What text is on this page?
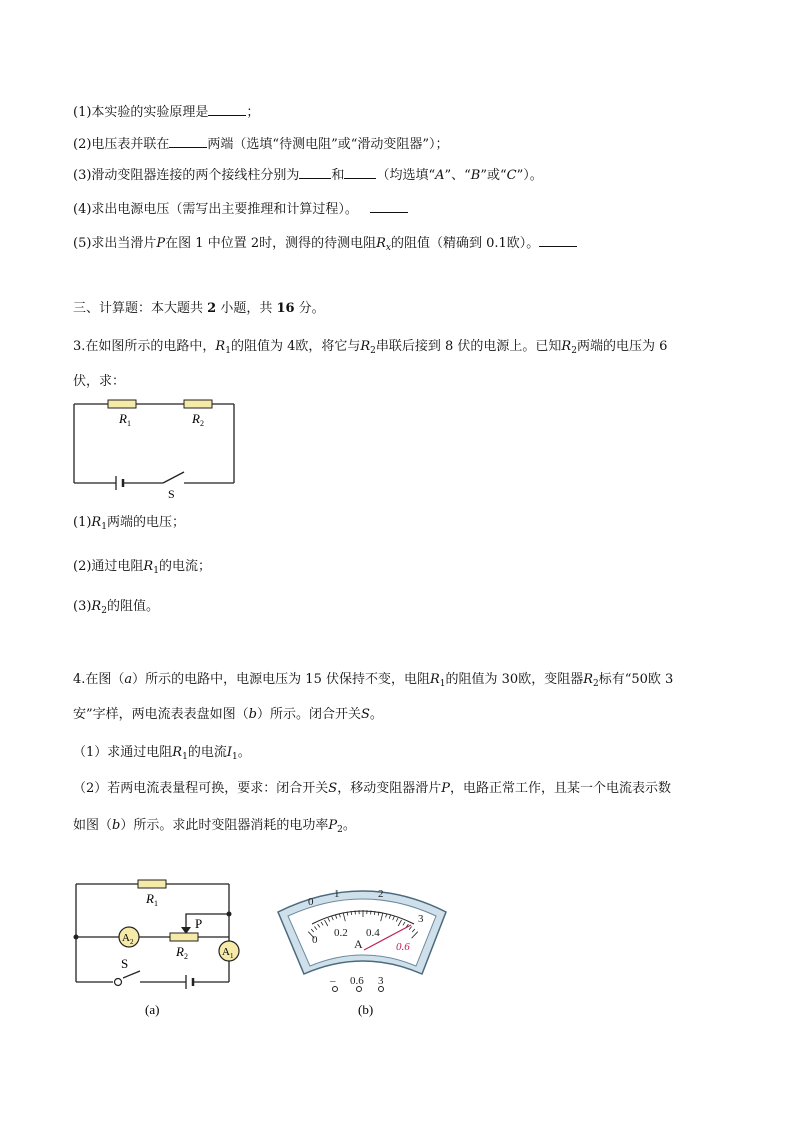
(1)本实验的实验原理是	；
(2)电压表并联在	两端（选填“待测电阻”或“滑动变阻器”）；
(3)滑动变阻器连接的两个接线柱分别为 和 （均选填“A”、“B”或“C”）。
(4)求出电源电压（需写出主要推理和计算过程）。
(5)求出当滑片P在图 1 中位置 2时，测得的待测电阻$R_x$的阻值（精确到 0.1欧）。
三、计算题：本大题共 2 小题，共 16 分。
3.在如图所示的电路中，$R_1$的阻值为 4欧，将它与$R_2$串联后接到 8 伏的电源上。已知$R_2$两端的电压为 6
伏，求：
$R_1$	$R_2$
S
$(1)R_1$两端的电压；
(2)通过电阻$R_1$的电流；
$(3)R_2$的阻值。
4.在图（a）所示的电路中，电源电压为 15 伏保持不变，电阻$R_1$的阻值为 30欧，变阻器$R_2$标有“50欧 3
安”字样，两电流表表盘如图（b）所示。闭合开关S。
（1）求通过电阻$R_1$的电流$I_1$。
（2）若两电流表量程可换，要求：闭合开关S，移动变阻器滑片P，电路正常工作，且某一个电流表示数
如图（b）所示。求此时变阻器消耗的电功率$P_2$。
$A_2$
$A_1$
$R_1$
$R_2$
P
S
(a)
0
1	2
3
0
0.2 0.4
0.6
A
– 0.6 3
(b)
